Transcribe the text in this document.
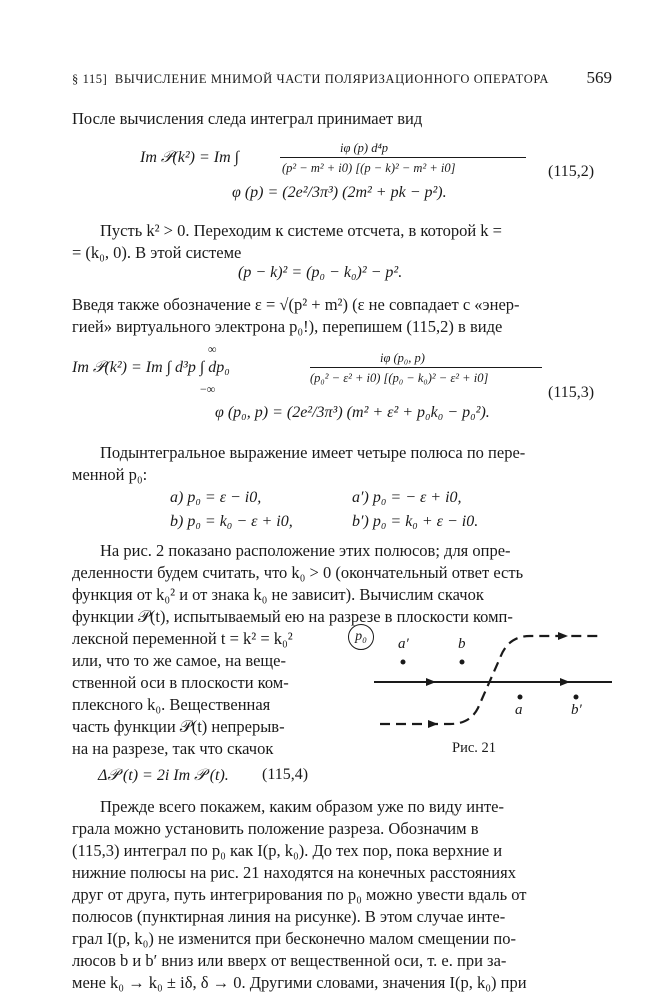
§ 115] ВЫЧИСЛЕНИЕ МНИМОЙ ЧАСТИ ПОЛЯРИЗАЦИОННОГО ОПЕРАТОРА 569
После вычисления следа интеграл принимает вид
Im 𝒫(k²) = Im ∫
iφ (p) d⁴p
(p² − m² + i0) [(p − k)² − m² + i0]
φ (p) = (2e²/3π³) (2m² + pk − p²).
(115,2)
Пусть k² > 0. Переходим к системе отсчета, в которой k =
= (k₀, 0). В этой системе
(p − k)² = (p₀ − k₀)² − p².
Введя также обозначение ε = √(p² + m²) (ε не совпадает с «энер-
гией» виртуального электрона p₀!), перепишем (115,2) в виде
Im 𝒫(k²) = Im ∫ d³p ∫ dp₀
∞
−∞
iφ (p₀, p)
(p₀² − ε² + i0) [(p₀ − k₀)² − ε² + i0]
φ (p₀, p) = (2e²/3π³) (m² + ε² + p₀k₀ − p₀²).
(115,3)
Подынтегральное выражение имеет четыре полюса по пере-
менной p₀:
a) p₀ = ε − i0,	a′) p₀ = − ε + i0,
b) p₀ = k₀ − ε + i0,	b′) p₀ = k₀ + ε − i0.
На рис. 2 показано расположение этих полюсов; для опре-
деленности будем считать, что k₀ > 0 (окончательный ответ есть
функция от k₀² и от знака k₀ не зависит). Вычислим скачок
функции 𝒫(t), испытываемый ею на разрезе в плоскости комп-
лексной переменной t = k² = k₀²
или, что то же самое, на веще-
ственной оси в плоскости ком-
плексного k₀. Вещественная
часть функции 𝒫(t) непрерыв-
на на разрезе, так что скачок
Δ𝒫 (t) = 2i Im 𝒫 (t). (115,4)
p₀	a′	b
a	b′
Рис. 21
Прежде всего покажем, каким образом уже по виду инте-
грала можно установить положение разреза. Обозначим в
(115,3) интеграл по p₀ как I(p, k₀). До тех пор, пока верхние и
нижние полюсы на рис. 21 находятся на конечных расстояниях
друг от друга, путь интегрирования по p₀ можно увести вдаль от
полюсов (пунктирная линия на рисунке). В этом случае инте-
грал I(p, k₀) не изменится при бесконечно малом смещении по-
люсов b и b′ вниз или вверх от вещественной оси, т. е. при за-
мене k₀ → k₀ ± iδ, δ → 0. Другими словами, значения I(p, k₀) при
